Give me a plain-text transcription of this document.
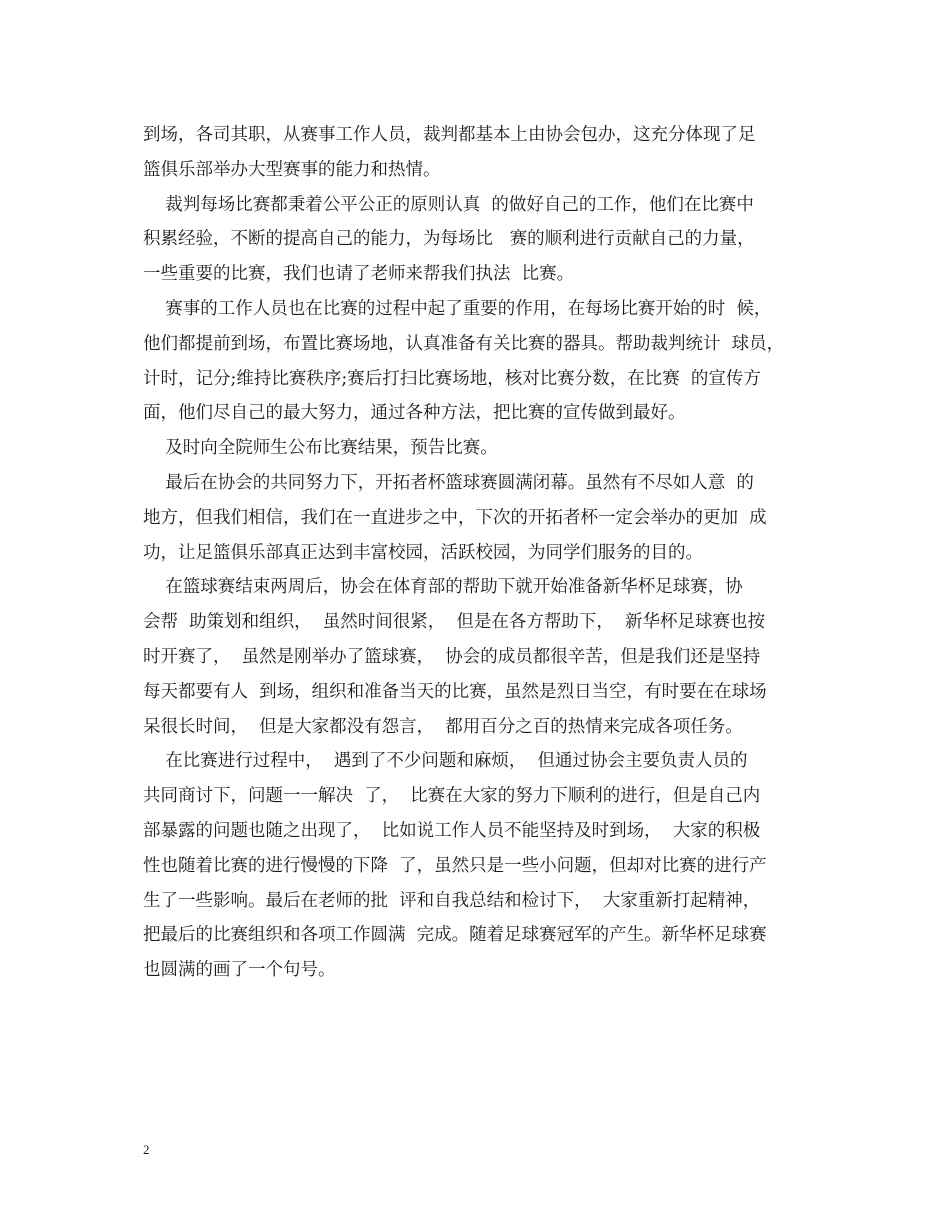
到场，各司其职，从赛事工作人员，裁判都基本上由协会包办，这充分体现了足
篮俱乐部举办大型赛事的能力和热情。
裁判每场比赛都秉着公平公正的原则认真  的做好自己的工作，他们在比赛中
积累经验，不断的提高自己的能力，为每场比   赛的顺利进行贡献自己的力量，
一些重要的比赛，我们也请了老师来帮我们执法  比赛。
赛事的工作人员也在比赛的过程中起了重要的作用，在每场比赛开始的时  候，
他们都提前到场，布置比赛场地，认真准备有关比赛的器具。帮助裁判统计  球员，
计时，记分;维持比赛秩序;赛后打扫比赛场地，核对比赛分数，在比赛  的宣传方
面，他们尽自己的最大努力，通过各种方法，把比赛的宣传做到最好。
及时向全院师生公布比赛结果，预告比赛。
最后在协会的共同努力下，开拓者杯篮球赛圆满闭幕。虽然有不尽如人意  的
地方，但我们相信，我们在一直进步之中，下次的开拓者杯一定会举办的更加  成
功，让足篮俱乐部真正达到丰富校园，活跃校园，为同学们服务的目的。
在篮球赛结束两周后，协会在体育部的帮助下就开始准备新华杯足球赛，协
会帮  助策划和组织，  虽然时间很紧，  但是在各方帮助下，  新华杯足球赛也按
时开赛了，  虽然是刚举办了篮球赛，  协会的成员都很辛苦，但是我们还是坚持
每天都要有人  到场，组织和准备当天的比赛，虽然是烈日当空，有时要在在球场
呆很长时间，  但是大家都没有怨言，  都用百分之百的热情来完成各项任务。
在比赛进行过程中，  遇到了不少问题和麻烦，  但通过协会主要负责人员的
共同商讨下，问题一一解决  了，  比赛在大家的努力下顺利的进行，但是自己内
部暴露的问题也随之出现了，  比如说工作人员不能坚持及时到场，  大家的积极
性也随着比赛的进行慢慢的下降  了，虽然只是一些小问题，但却对比赛的进行产
生了一些影响。最后在老师的批  评和自我总结和检讨下，  大家重新打起精神，
把最后的比赛组织和各项工作圆满  完成。随着足球赛冠军的产生。新华杯足球赛
也圆满的画了一个句号。
2
